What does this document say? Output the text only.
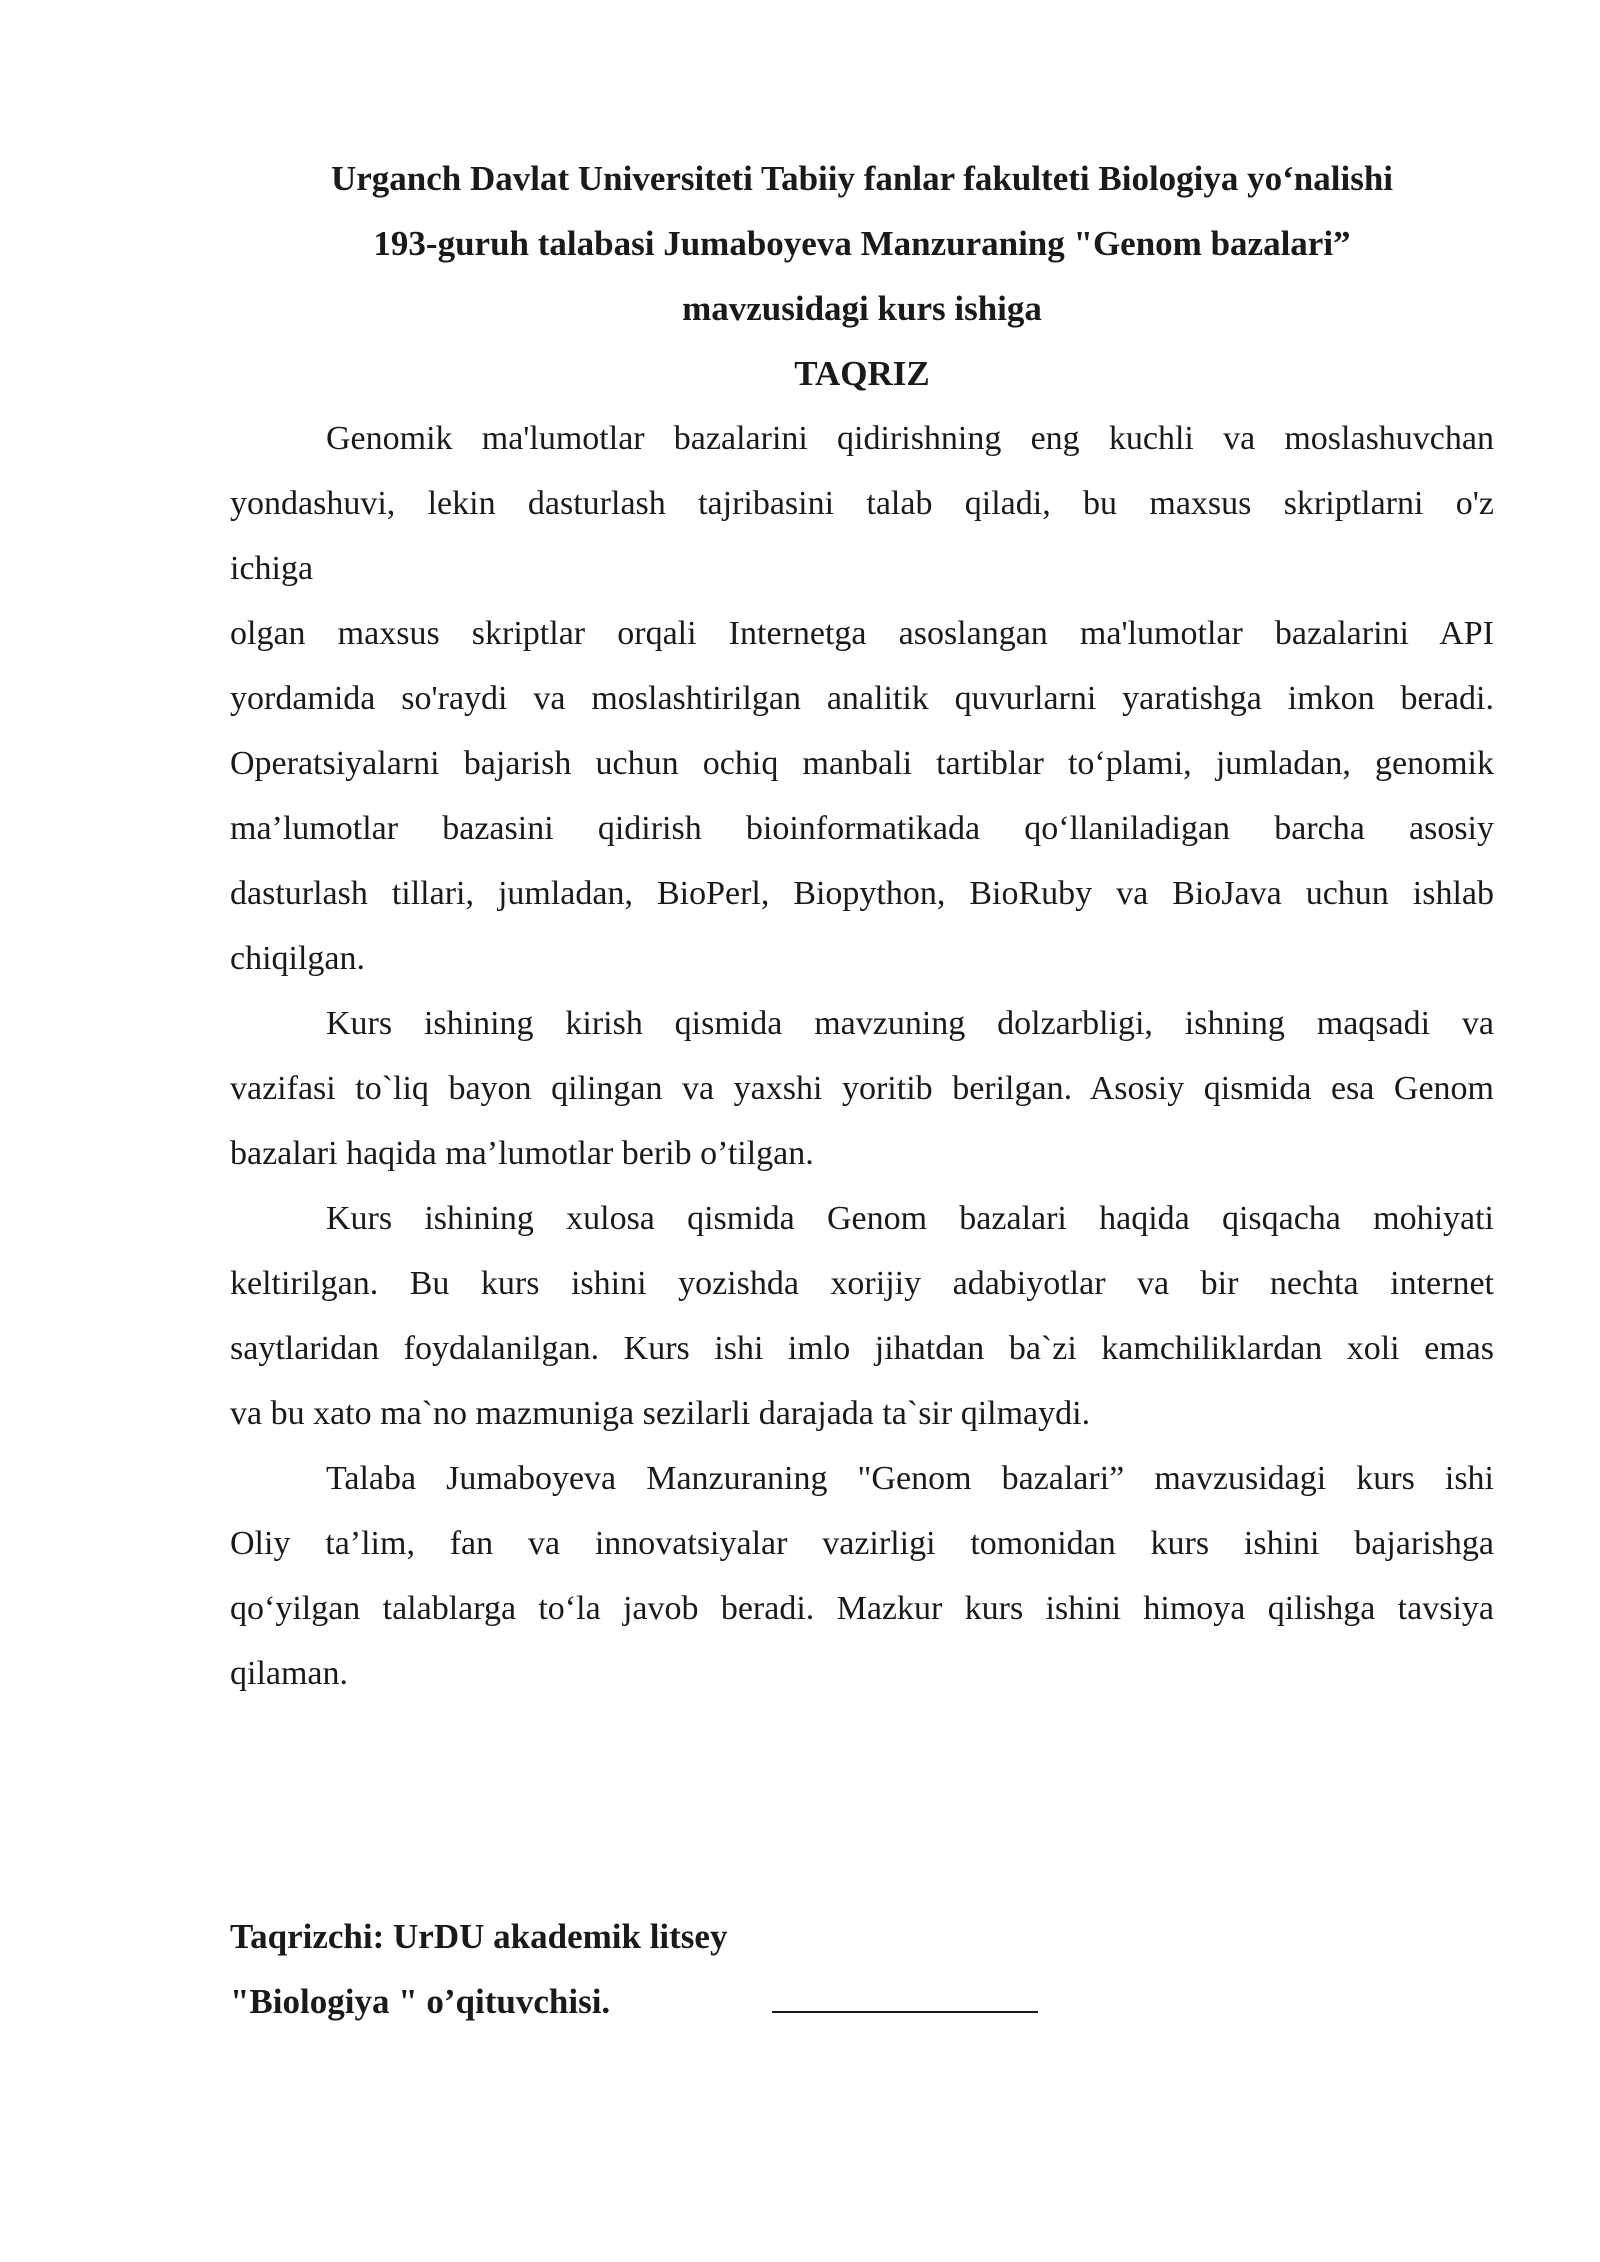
Urganch Davlat Universiteti Tabiiy fanlar fakulteti Biologiya yo‘nalishi
193-guruh talabasi Jumaboyeva Manzuraning "Genom bazalari”
mavzusidagi kurs ishiga
TAQRIZ

Genomik ma'lumotlar bazalarini qidirishning eng kuchli va moslashuvchan
yondashuvi, lekin dasturlash tajribasini talab qiladi, bu maxsus skriptlarni o'z
ichiga

olgan maxsus skriptlar orqali Internetga asoslangan ma'lumotlar bazalarini API
yordamida so'raydi va moslashtirilgan analitik quvurlarni yaratishga imkon beradi.
Operatsiyalarni bajarish uchun ochiq manbali tartiblar to‘plami, jumladan, genomik
ma’lumotlar bazasini qidirish bioinformatikada qo‘llaniladigan barcha asosiy
dasturlash tillari, jumladan, BioPerl, Biopython, BioRuby va BioJava uchun ishlab
chiqilgan.

Kurs ishining kirish qismida mavzuning dolzarbligi, ishning maqsadi va
vazifasi to`liq bayon qilingan va yaxshi yoritib berilgan. Asosiy qismida esa Genom
bazalari haqida ma’lumotlar berib o’tilgan.

Kurs ishining xulosa qismida Genom bazalari haqida qisqacha mohiyati
keltirilgan. Bu kurs ishini yozishda xorijiy adabiyotlar va bir nechta internet
saytlaridan foydalanilgan. Kurs ishi imlo jihatdan ba`zi kamchiliklardan xoli emas
va bu xato ma`no mazmuniga sezilarli darajada ta`sir qilmaydi.

Talaba Jumaboyeva Manzuraning "Genom bazalari” mavzusidagi kurs ishi
Oliy ta’lim, fan va innovatsiyalar vazirligi tomonidan kurs ishini bajarishga
qo‘yilgan talablarga to‘la javob beradi. Mazkur kurs ishini himoya qilishga tavsiya
qilaman.

Taqrizchi: UrDU akademik litsey
"Biologiya " o’qituvchisi.
